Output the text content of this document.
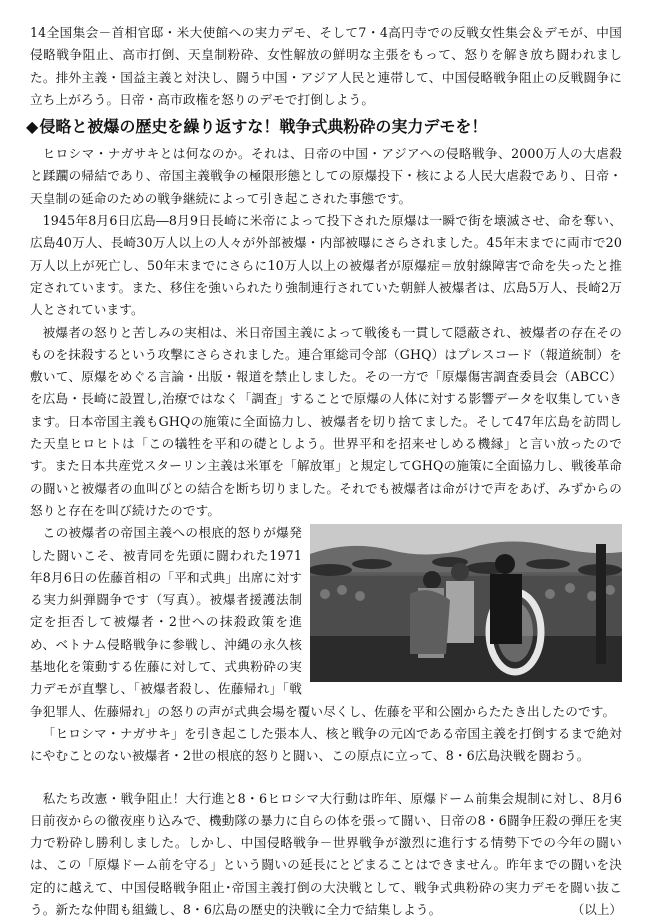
14全国集会－首相官邸・米大使館への実力デモ、そして7・4高円寺での反戦女性集会＆デモが、中国侵略戦争阻止、高市打倒、天皇制粉砕、女性解放の鮮明な主張をもって、怒りを解き放ち闘われました。排外主義・国益主義と対決し、闘う中国・アジア人民と連帯して、中国侵略戦争阻止の反戦闘争に立ち上がろう。日帝・高市政権を怒りのデモで打倒しよう。

◆侵略と被爆の歴史を繰り返すな！戦争式典粉砕の実力デモを！

ヒロシマ・ナガサキとは何なのか。それは、日帝の中国・アジアへの侵略戦争、2000万人の大虐殺と蹂躙の帰結であり、帝国主義戦争の極限形態としての原爆投下・核による人民大虐殺であり、日帝・天皇制の延命のための戦争継続によって引き起こされた事態です。

1945年8月6日広島―8月9日長崎に米帝によって投下された原爆は一瞬で街を壊滅させ、命を奪い、広島40万人、長崎30万人以上の人々が外部被爆・内部被曝にさらされました。45年末までに両市で20万人以上が死亡し、50年末までにさらに10万人以上の被爆者が原爆症＝放射線障害で命を失ったと推定されています。また、移住を強いられたり強制連行されていた朝鮮人被爆者は、広島5万人、長崎2万人とされています。

被爆者の怒りと苦しみの実相は、米日帝国主義によって戦後も一貫して隠蔽され、被爆者の存在そのものを抹殺するという攻撃にさらされました。連合軍総司令部（GHQ）はプレスコード（報道統制）を敷いて、原爆をめぐる言論・出版・報道を禁止しました。その一方で「原爆傷害調査委員会（ABCC）を広島・長崎に設置し,治療ではなく「調査」することで原爆の人体に対する影響データを収集していきます。日本帝国主義もGHQの施策に全面協力し、被爆者を切り捨てました。そして47年広島を訪問した天皇ヒロヒトは「この犠牲を平和の礎としよう。世界平和を招来せしめる機縁」と言い放ったのです。また日本共産党スターリン主義は米軍を「解放軍」と規定してGHQの施策に全面協力し、戦後革命の闘いと被爆者の血叫びとの結合を断ち切りました。それでも被爆者は命がけで声をあげ、みずからの怒りと存在を叫び続けたのです。

この被爆者の帝国主義への根底的怒りが爆発した闘いこそ、被青同を先頭に闘われた1971年8月6日の佐藤首相の「平和式典」出席に対する実力糾弾闘争です（写真）。被爆者援護法制定を拒否して被爆者・2世への抹殺政策を進め、ベトナム侵略戦争に参戦し、沖縄の永久核基地化を策動する佐藤に対して、式典粉砕の実力デモが直撃し、「被爆者殺し、佐藤帰れ」「戦争犯罪人、佐藤帰れ」の怒りの声が式典会場を覆い尽くし、佐藤を平和公園からたたき出したのです。

「ヒロシマ・ナガサキ」を引き起こした張本人、核と戦争の元凶である帝国主義を打倒するまで絶対にやむことのない被爆者・2世の根底的怒りと闘い、この原点に立って、8・6広島決戦を闘おう。

私たち改憲・戦争阻止！大行進と8・6ヒロシマ大行動は昨年、原爆ドーム前集会規制に対し、8月6日前夜からの徹夜座り込みで、機動隊の暴力に自らの体を張って闘い、日帝の8・6闘争圧殺の弾圧を実力で粉砕し勝利しました。しかし、中国侵略戦争－世界戦争が激烈に進行する情勢下での今年の闘いは、この「原爆ドーム前を守る」という闘いの延長にとどまることはできません。昨年までの闘いを決定的に越えて、中国侵略戦争阻止･帝国主義打倒の大決戦として、戦争式典粉砕の実力デモを闘い抜こう。新たな仲間も組織し、8・6広島の歴史的決戦に全力で結集しよう。	（以上）
